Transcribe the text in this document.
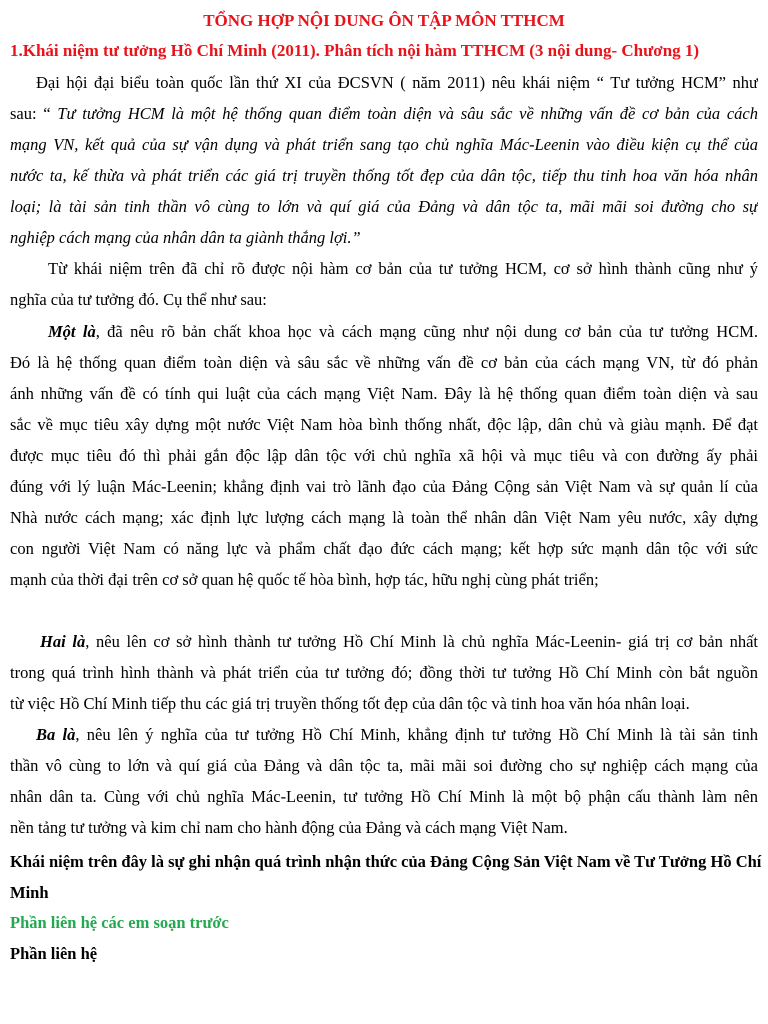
TỔNG HỢP NỘI DUNG ÔN TẬP MÔN TTHCM
1.Khái niệm tư tưởng Hồ Chí Minh (2011). Phân tích nội hàm TTHCM (3 nội dung- Chương 1)
Đại hội đại biểu toàn quốc lần thứ XI của ĐCSVN ( năm 2011) nêu khái niệm “ Tư tưởng HCM” như
sau: “ Tư tưởng HCM là một hệ thống quan điểm toàn diện và sâu sắc về những vấn đề cơ bản của cách
mạng VN, kết quả của sự vận dụng và phát triển sang tạo chủ nghĩa Mác-Leenin vào điều kiện cụ thể của
nước ta, kế thừa và phát triển các giá trị truyền thống tốt đẹp của dân tộc, tiếp thu tinh hoa văn hóa nhân
loại; là tài sản tinh thần vô cùng to lớn và quí giá của Đảng và dân tộc ta, mãi mãi soi đường cho sự
nghiệp cách mạng của nhân dân ta giành thắng lợi.”
Từ khái niệm trên đã chỉ rõ được nội hàm cơ bản của tư tưởng HCM, cơ sở hình thành cũng như ý
nghĩa của tư tưởng đó. Cụ thể như sau:
Một là, đã nêu rõ bản chất khoa học và cách mạng cũng như nội dung cơ bản của tư tưởng HCM.
Đó là hệ thống quan điểm toàn diện và sâu sắc về những vấn đề cơ bản của cách mạng VN, từ đó phản
ánh những vấn đề có tính qui luật của cách mạng Việt Nam. Đây là hệ thống quan điểm toàn diện và sau
sắc về mục tiêu xây dựng một nước Việt Nam hòa bình thống nhất, độc lập, dân chủ và giàu mạnh. Để đạt
được mục tiêu đó thì phải gắn độc lập dân tộc với chủ nghĩa xã hội và mục tiêu và con đường ấy phải
đúng với lý luận Mác-Leenin; khẳng định vai trò lãnh đạo của Đảng Cộng sản Việt Nam và sự quản lí của
Nhà nước cách mạng; xác định lực lượng cách mạng là toàn thể nhân dân Việt Nam yêu nước, xây dựng
con người Việt Nam có năng lực và phẩm chất đạo đức cách mạng; kết hợp sức mạnh dân tộc với sức
mạnh của thời đại trên cơ sở quan hệ quốc tế hòa bình, hợp tác, hữu nghị cùng phát triển;
Hai là, nêu lên cơ sở hình thành tư tưởng Hồ Chí Minh là chủ nghĩa Mác-Leenin- giá trị cơ bản nhất
trong quá trình hình thành và phát triển của tư tưởng đó; đồng thời tư tưởng Hồ Chí Minh còn bắt nguồn
từ việc Hồ Chí Minh tiếp thu các giá trị truyền thống tốt đẹp của dân tộc và tinh hoa văn hóa nhân loại.
Ba là, nêu lên ý nghĩa của tư tưởng Hồ Chí Minh, khẳng định tư tưởng Hồ Chí Minh là tài sản tinh
thần vô cùng to lớn và quí giá của Đảng và dân tộc ta, mãi mãi soi đường cho sự nghiệp cách mạng của
nhân dân ta. Cùng với chủ nghĩa Mác-Leenin, tư tưởng Hồ Chí Minh là một bộ phận cấu thành làm nên
nền tảng tư tưởng và kim chỉ nam cho hành động của Đảng và cách mạng Việt Nam.
Khái niệm trên đây là sự ghi nhận quá trình nhận thức của Đảng Cộng Sản Việt Nam về Tư Tưởng Hồ Chí Minh
Phần liên hệ các em soạn trước
Phần liên hệ
